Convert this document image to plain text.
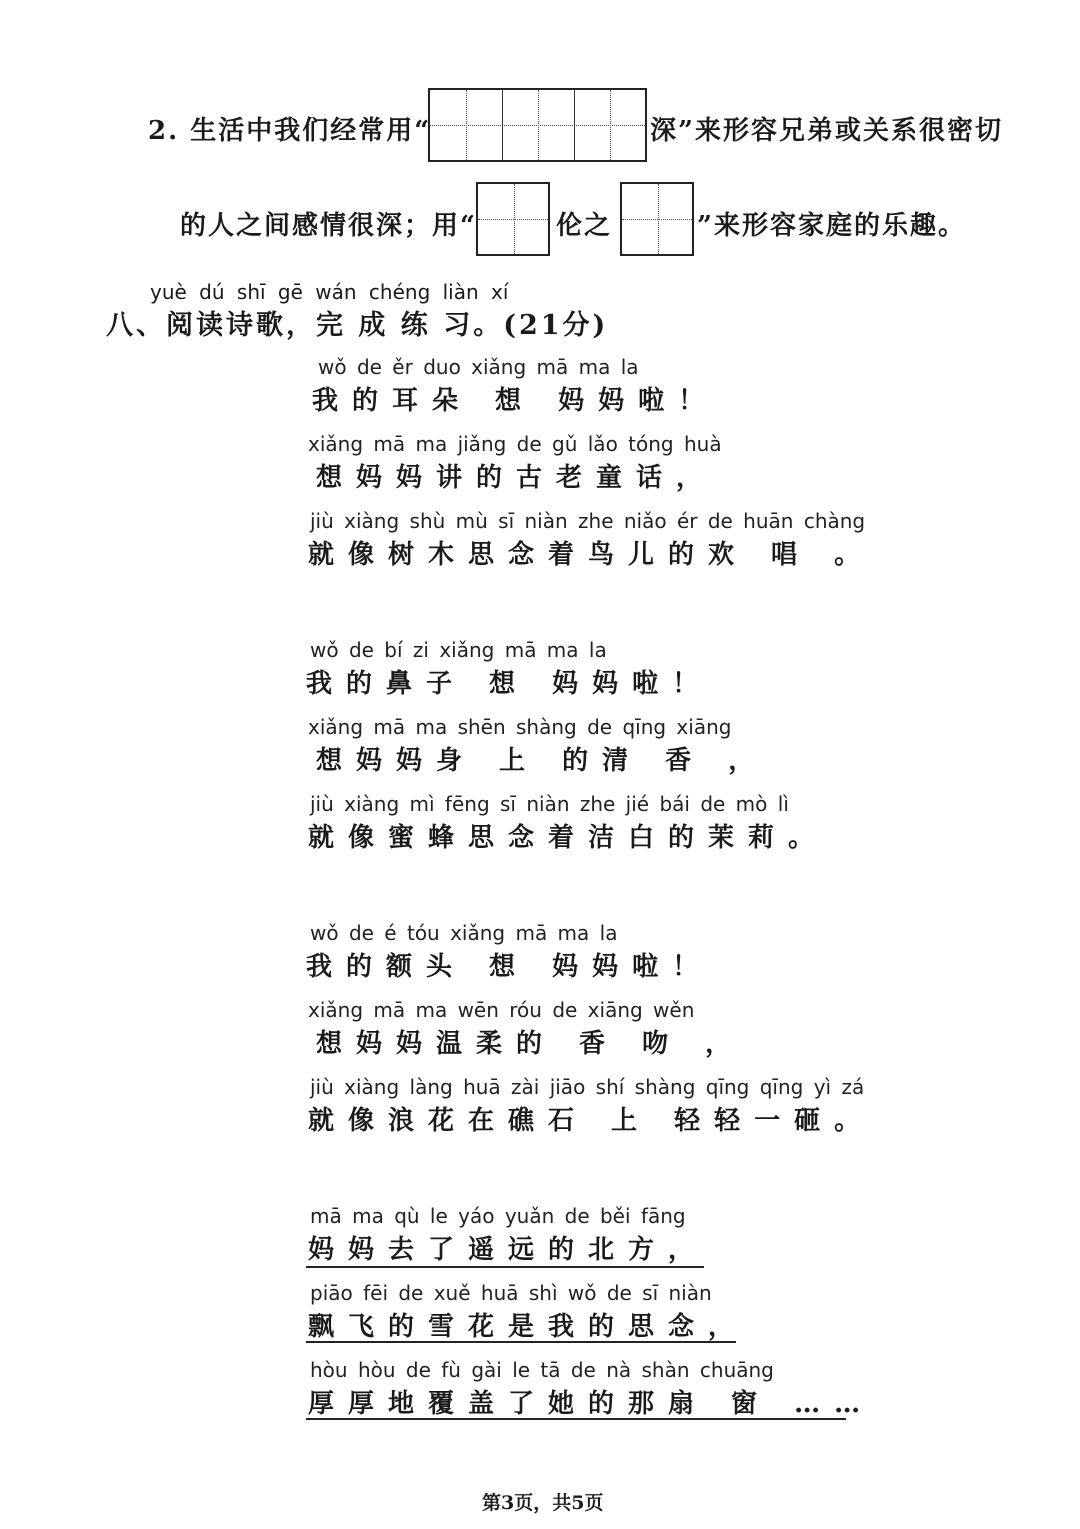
2. 生活中我们经常用“	深”来形容兄弟或关系很密切
的人之间感情很深；用“	伦之	”来形容家庭的乐趣。
yuè dú shī gē wán chéng liàn xí
八、阅读诗歌，完 成 练 习。(21分)
wǒ de ěr duo xiǎng mā ma la
我的耳朵 想 妈妈啦！
xiǎng mā ma jiǎng de gǔ lǎo tóng huà
想妈妈讲的古老童话，
jiù xiàng shù mù sī niàn zhe niǎo ér de huān chàng
就像树木思念着鸟儿的欢 唱 。
wǒ de bí zi xiǎng mā ma la
我的鼻子 想 妈妈啦！
xiǎng mā ma shēn shàng de qīng xiāng
想妈妈身 上 的清 香 ，
jiù xiàng mì fēng sī niàn zhe jié bái de mò lì
就像蜜蜂思念着洁白的茉莉。
wǒ de é tóu xiǎng mā ma la
我的额头 想 妈妈啦！
xiǎng mā ma wēn róu de xiāng wěn
想妈妈温柔的 香 吻 ，
jiù xiàng làng huā zài jiāo shí shàng qīng qīng yì zá
就像浪花在礁石 上 轻轻一砸。
mā ma qù le yáo yuǎn de běi fāng
妈妈去了遥远的北方，
piāo fēi de xuě huā shì wǒ de sī niàn
飘飞的雪花是我的思念，
hòu hòu de fù gài le tā de nà shàn chuāng
厚厚地覆盖了她的那扇 窗 ……
第3页，共5页
